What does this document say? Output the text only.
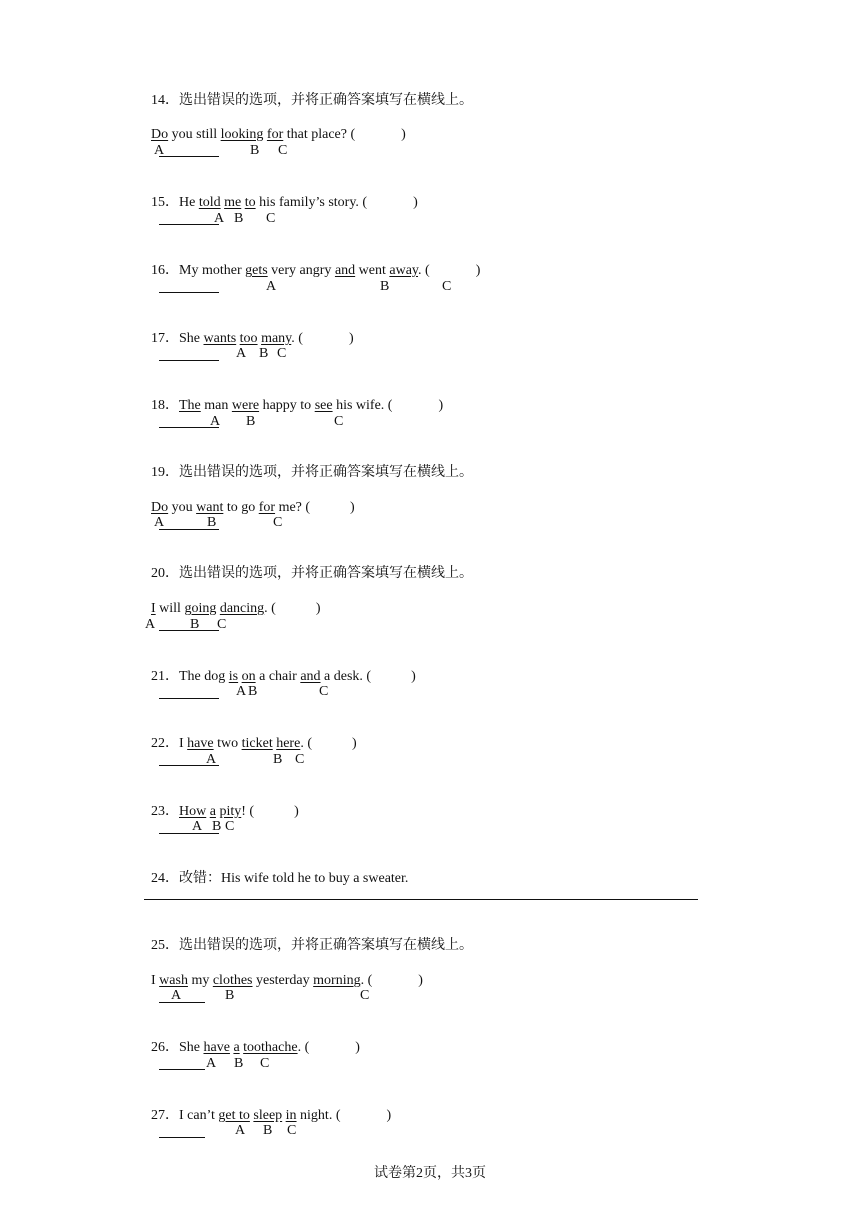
14．选出错误的选项，并将正确答案填写在横线上。

Do you still looking for that place? (	)

A	B C

15．He told me to his family’s story. (	)

A B C

16．My mother gets very angry and went away. (	)

A	B	C

17．She wants too many. (	)

A B C

18．The man were happy to see his wife. (	)

A B	C

19．选出错误的选项，并将正确答案填写在横线上。

Do you want to go for me? (	)

A	B	C

20．选出错误的选项，并将正确答案填写在横线上。

I will going dancing. (	)

A B C

21．The dog is on a chair and a desk. (	)

A B	C

22．I have two ticket here. (	)

A	B C

23．How a pity! (	)

A B C

24．改错：His wife told he to buy a sweater.

25．选出错误的选项，并将正确答案填写在横线上。

I wash my clothes yesterday morning. (	)

A	B	C

26．She have a toothache. (	)

A B C

27．I can’t get to sleep in night. (	)

A B C
试卷第2页，共3页
